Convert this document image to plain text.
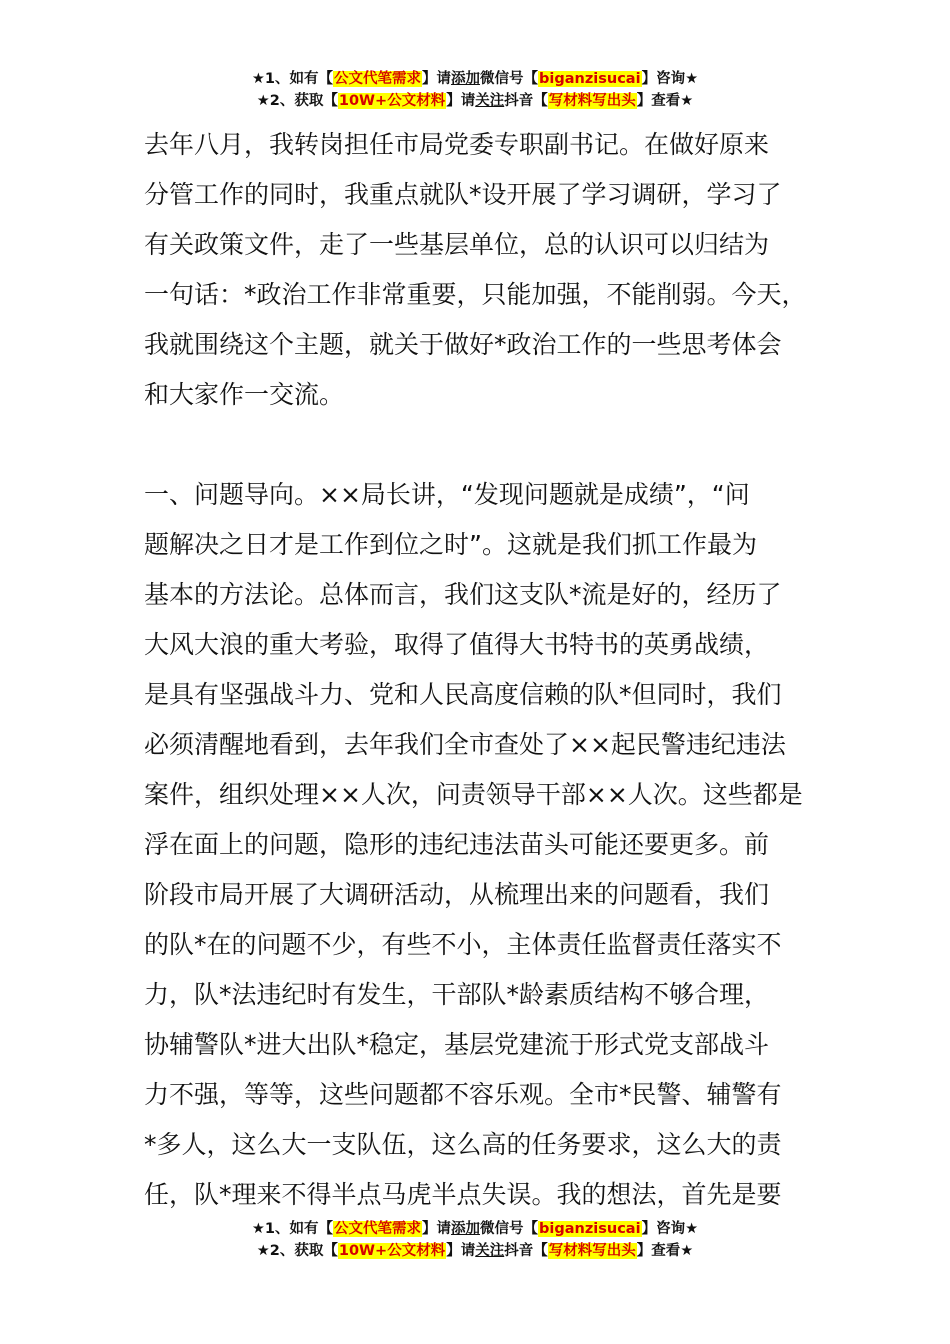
★1、如有【公文代笔需求】请添加微信号【biganzisucai】咨询★
★2、获取【10W+公文材料】请关注抖音【写材料写出头】查看★
去年八月，我转岗担任市局党委专职副书记。在做好原来
分管工作的同时，我重点就队*设开展了学习调研，学习了
有关政策文件，走了一些基层单位，总的认识可以归结为
一句话：*政治工作非常重要，只能加强，不能削弱。今天，
我就围绕这个主题，就关于做好*政治工作的一些思考体会
和大家作一交流。
一、问题导向。××局长讲，“发现问题就是成绩”，“问
题解决之日才是工作到位之时”。这就是我们抓工作最为
基本的方法论。总体而言，我们这支队*流是好的，经历了
大风大浪的重大考验，取得了值得大书特书的英勇战绩，
是具有坚强战斗力、党和人民高度信赖的队*但同时，我们
必须清醒地看到，去年我们全市查处了××起民警违纪违法
案件，组织处理××人次，问责领导干部××人次。这些都是
浮在面上的问题，隐形的违纪违法苗头可能还要更多。前
阶段市局开展了大调研活动，从梳理出来的问题看，我们
的队*在的问题不少，有些不小，主体责任监督责任落实不
力，队*法违纪时有发生，干部队*龄素质结构不够合理，
协辅警队*进大出队*稳定，基层党建流于形式党支部战斗
力不强，等等，这些问题都不容乐观。全市*民警、辅警有
*多人，这么大一支队伍，这么高的任务要求，这么大的责
任，队*理来不得半点马虎半点失误。我的想法，首先是要
★1、如有【公文代笔需求】请添加微信号【biganzisucai】咨询★
★2、获取【10W+公文材料】请关注抖音【写材料写出头】查看★
